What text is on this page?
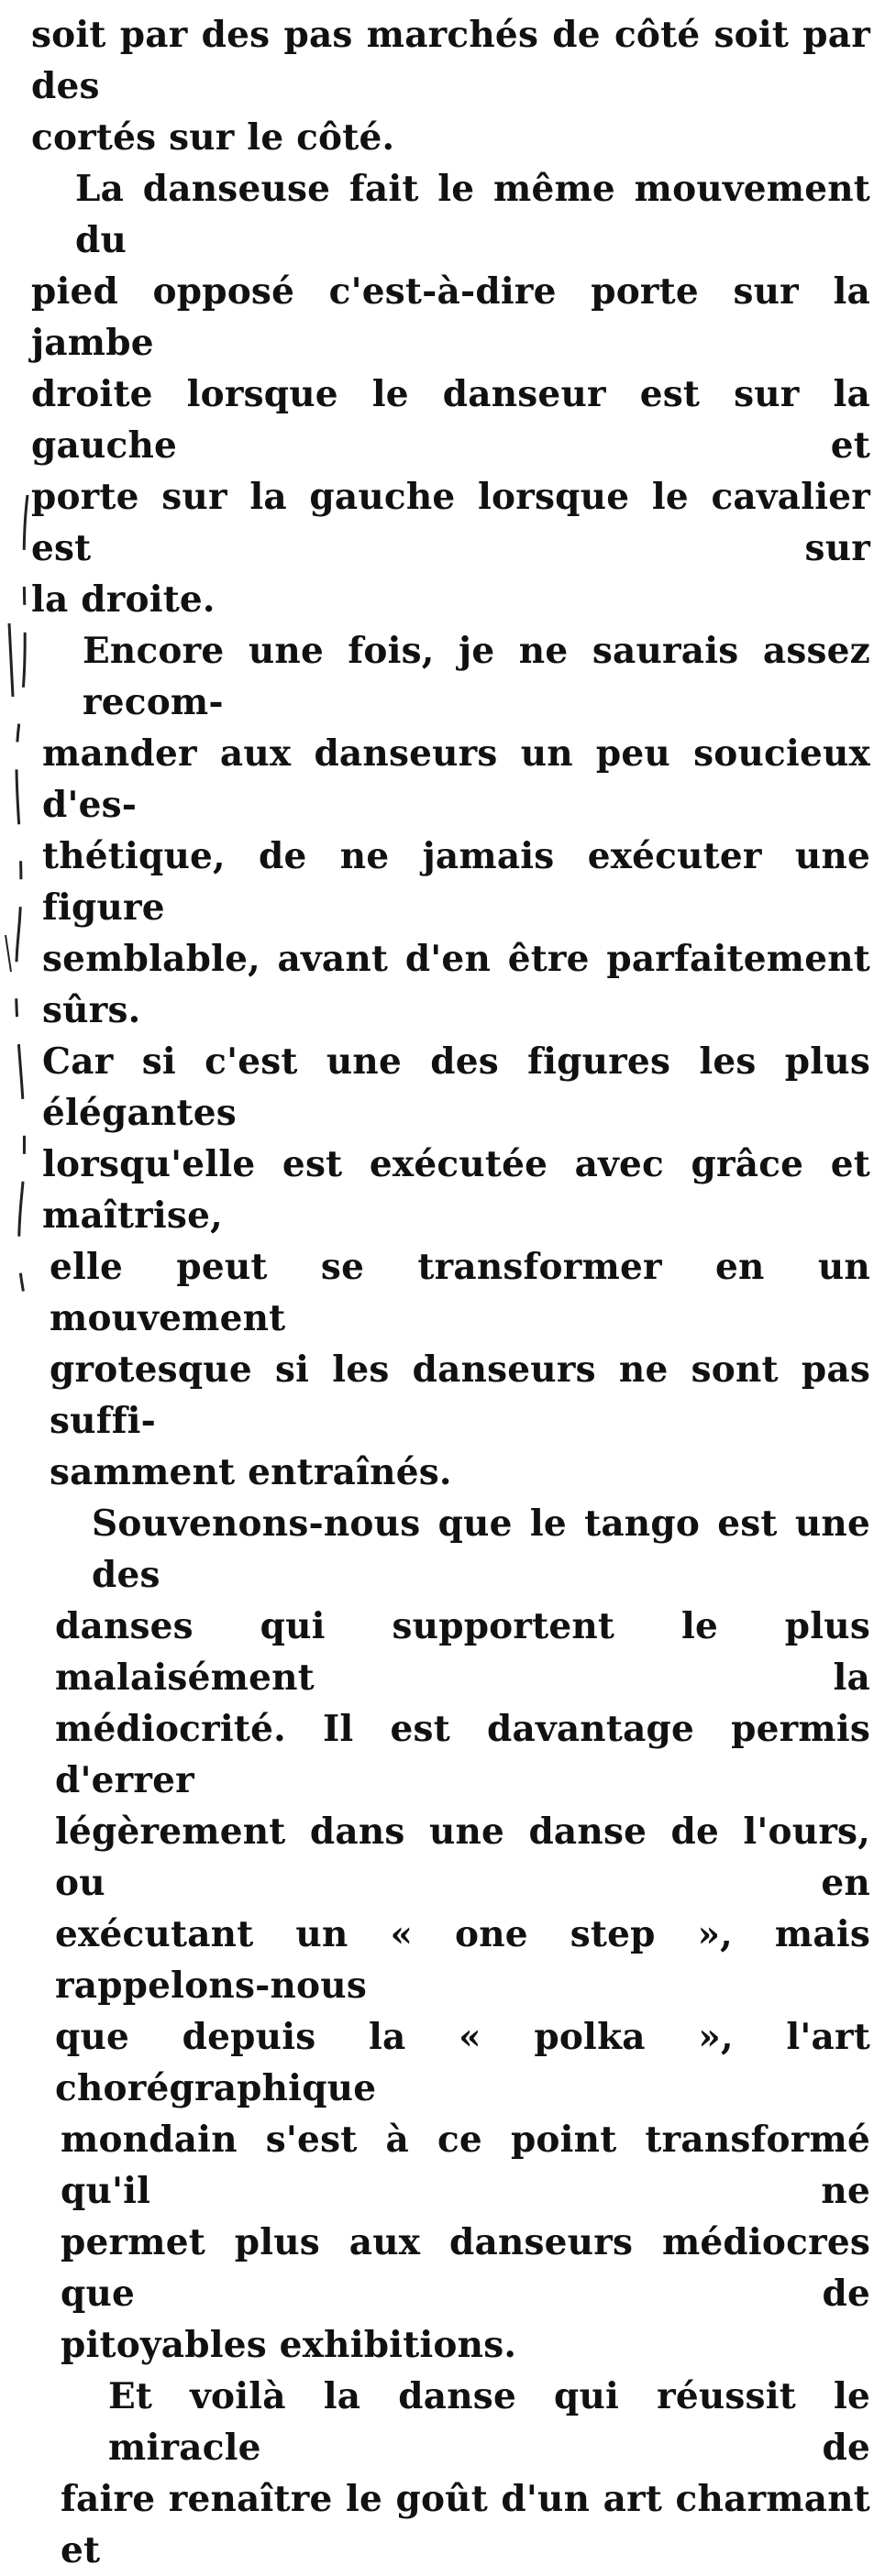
soit par des pas marchés de côté soit par des
cortés sur le côté.

La danseuse fait le même mouvement du
pied opposé c'est-à-dire porte sur la jambe
droite lorsque le danseur est sur la gauche et
porte sur la gauche lorsque le cavalier est sur
la droite.

Encore une fois, je ne saurais assez recom-
mander aux danseurs un peu soucieux d'es-
thétique, de ne jamais exécuter une figure
semblable, avant d'en être parfaitement sûrs.
Car si c'est une des figures les plus élégantes
lorsqu'elle est exécutée avec grâce et maîtrise,
elle peut se transformer en un mouvement
grotesque si les danseurs ne sont pas suffi-
samment entraînés.

Souvenons-nous que le tango est une des
danses qui supportent le plus malaisément la
médiocrité. Il est davantage permis d'errer
légèrement dans une danse de l'ours, ou en
exécutant un « one step », mais rappelons-nous
que depuis la « polka », l'art chorégraphique
mondain s'est à ce point transformé qu'il ne
permet plus aux danseurs médiocres que de
pitoyables exhibitions.

Et voilà la danse qui réussit le miracle de
faire renaître le goût d'un art charmant et
